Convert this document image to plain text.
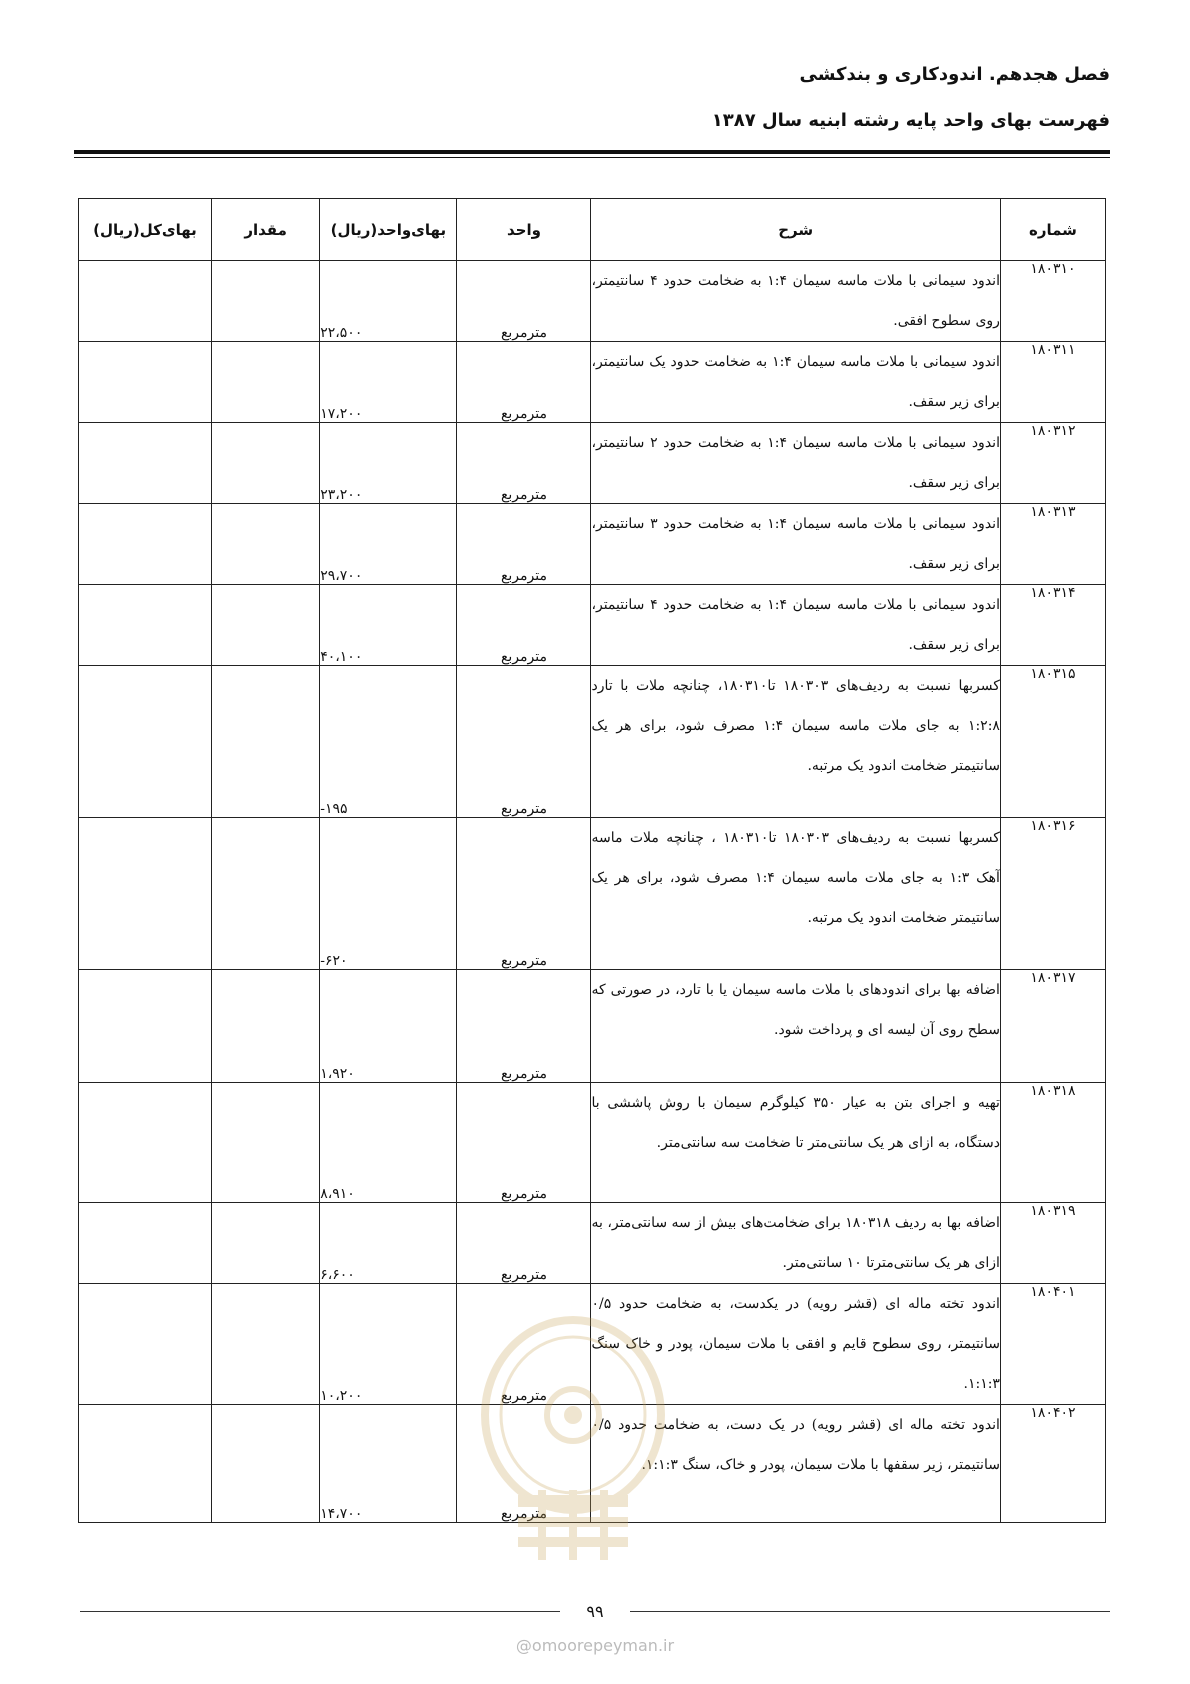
فصل هجدهم. اندودکاری و بندکشی
فهرست بهای واحد پایه رشته ابنیه سال ۱۳۸۷
شماره	شرح	واحد	بهای‌واحد(ریال)	مقدار	بهای‌کل(ریال)
۱۸۰۳۱۰	اندود سیمانی با ملات ماسه سیمان ۱:۴ به ضخامت حدود ۴ سانتیمتر، روی سطوح افقی.	مترمربع	۲۲،۵۰۰		
۱۸۰۳۱۱	اندود سیمانی با ملات ماسه سیمان ۱:۴ به ضخامت حدود یک سانتیمتر، برای زیر سقف.	مترمربع	۱۷،۲۰۰		
۱۸۰۳۱۲	اندود سیمانی با ملات ماسه سیمان ۱:۴ به ضخامت حدود ۲ سانتیمتر، برای زیر سقف.	مترمربع	۲۳،۲۰۰		
۱۸۰۳۱۳	اندود سیمانی با ملات ماسه سیمان ۱:۴ به ضخامت حدود ۳ سانتیمتر، برای زیر سقف.	مترمربع	۲۹،۷۰۰		
۱۸۰۳۱۴	اندود سیمانی با ملات ماسه سیمان ۱:۴ به ضخامت حدود ۴ سانتیمتر، برای زیر سقف.	مترمربع	۴۰،۱۰۰		
۱۸۰۳۱۵	کسربها نسبت به ردیف‌های ۱۸۰۳۰۳ تا۱۸۰۳۱۰، چنانچه ملات با تارد ۱:۲:۸ به جای ملات ماسه سیمان ۱:۴ مصرف شود، برای هر یک سانتیمتر ضخامت اندود یک مرتبه.	مترمربع	-۱۹۵		
۱۸۰۳۱۶	کسربها نسبت به ردیف‌های ۱۸۰۳۰۳ تا۱۸۰۳۱۰ ، چنانچه ملات ماسه آهک ۱:۳ به جای ملات ماسه سیمان ۱:۴ مصرف شود، برای هر یک سانتیمتر ضخامت اندود یک مرتبه.	مترمربع	-۶۲۰		
۱۸۰۳۱۷	اضافه بها برای اندودهای با ملات ماسه سیمان یا با تارد، در صورتی که سطح روی آن لیسه ای و پرداخت شود.	مترمربع	۱،۹۲۰		
۱۸۰۳۱۸	تهیه و اجرای بتن به عیار ۳۵۰ کیلوگرم سیمان با روش پاششی با دستگاه، به ازای هر یک سانتی‌متر تا ضخامت سه سانتی‌متر.	مترمربع	۸،۹۱۰		
۱۸۰۳۱۹	اضافه بها به ردیف ۱۸۰۳۱۸ برای ضخامت‌های بیش از سه سانتی‌متر، به ازای هر یک سانتی‌مترتا ۱۰ سانتی‌متر.	مترمربع	۶،۶۰۰		
۱۸۰۴۰۱	اندود تخته ماله ای (قشر رویه) در یکدست، به ضخامت حدود ۰/۵ سانتیمتر، روی سطوح قایم و افقی با ملات سیمان، پودر و خاک سنگ ۱:۱:۳.	مترمربع	۱۰،۲۰۰		
۱۸۰۴۰۲	اندود تخته ماله ای (قشر رویه) در یک دست، به ضخامت حدود ۰/۵ سانتیمتر، زیر سقفها با ملات سیمان، پودر و خاک، سنگ ۱:۱:۳.	مترمربع	۱۴،۷۰۰		
۹۹
@omoorepeyman.ir
